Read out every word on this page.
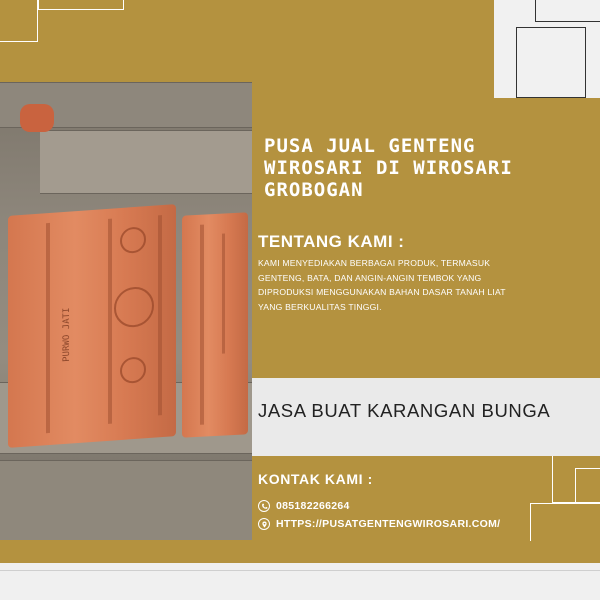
PURWO JATI
PUSA JUAL GENTENG WIROSARI DI WIROSARI GROBOGAN
TENTANG KAMI :

KAMI MENYEDIAKAN BERBAGAI PRODUK, TERMASUK GENTENG, BATA, DAN ANGIN-ANGIN TEMBOK YANG DIPRODUKSI MENGGUNAKAN BAHAN DASAR TANAH LIAT YANG BERKUALITAS TINGGI.

JASA BUAT KARANGAN BUNGA

KONTAK KAMI :
085182266264
HTTPS://PUSATGENTENGWIROSARI.COM/
